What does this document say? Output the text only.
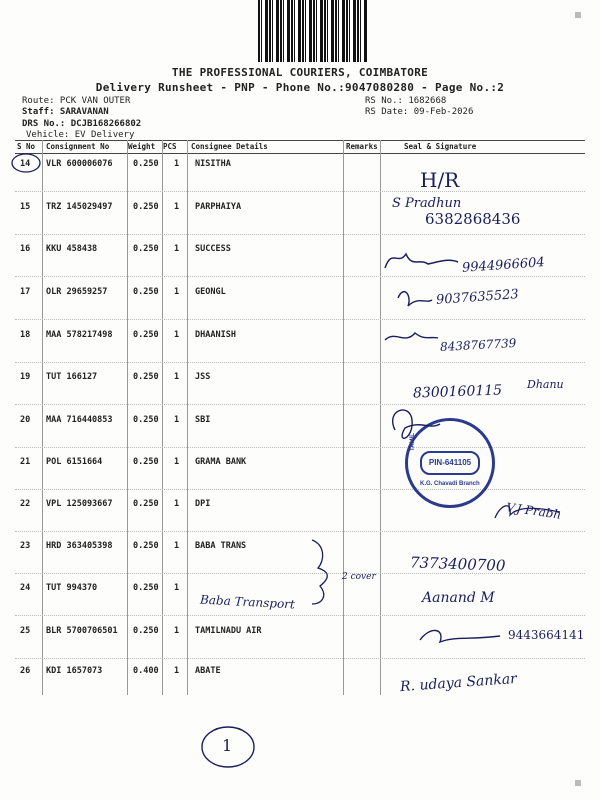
THE PROFESSIONAL COURIERS, COIMBATORE
Delivery Runsheet - PNP - Phone No.:9047080280 - Page No.:2
Route: PCK VAN OUTER
Staff: SARAVANAN
DRS No.: DCJB168266802
Vehicle: EV Delivery
RS No.: 1682668
RS Date: 09-Feb-2026
S No Consignment No	Weight PCS Consignee Details	Remarks	Seal & Signature
14 VLR 600006076 0.250 1 NISITHA
15 TRZ 145029497 0.250 1 PARPHAIYA
16 KKU 458438	0.250 1 SUCCESS
17 OLR 29659257	0.250 1 GEONGL
18 MAA 578217498 0.250 1 DHAANISH
19 TUT 166127	0.250 1 JSS
20 MAA 716440853 0.250 1 SBI
21 POL 6151664	0.250 1 GRAMA BANK
22 VPL 125093667 0.250 1 DPI
23 HRD 363405398 0.250 1 BABA TRANS
24 TUT 994370	0.250 1
25 BLR 5700706501 0.250 1 TAMILNADU AIR
26 KDI 1657073	0.400 1 ABATE
H/R
S Pradhun
6382868436
9944966604
9037635523
8438767739
8300160115 Dhanu
V.J Prabh
7373400700
Baba Transport
2 cover
Aanand M
9443664141
R. udaya Sankar
1
PIN-641105
TAMIL
K.G. Chavadi Branch
